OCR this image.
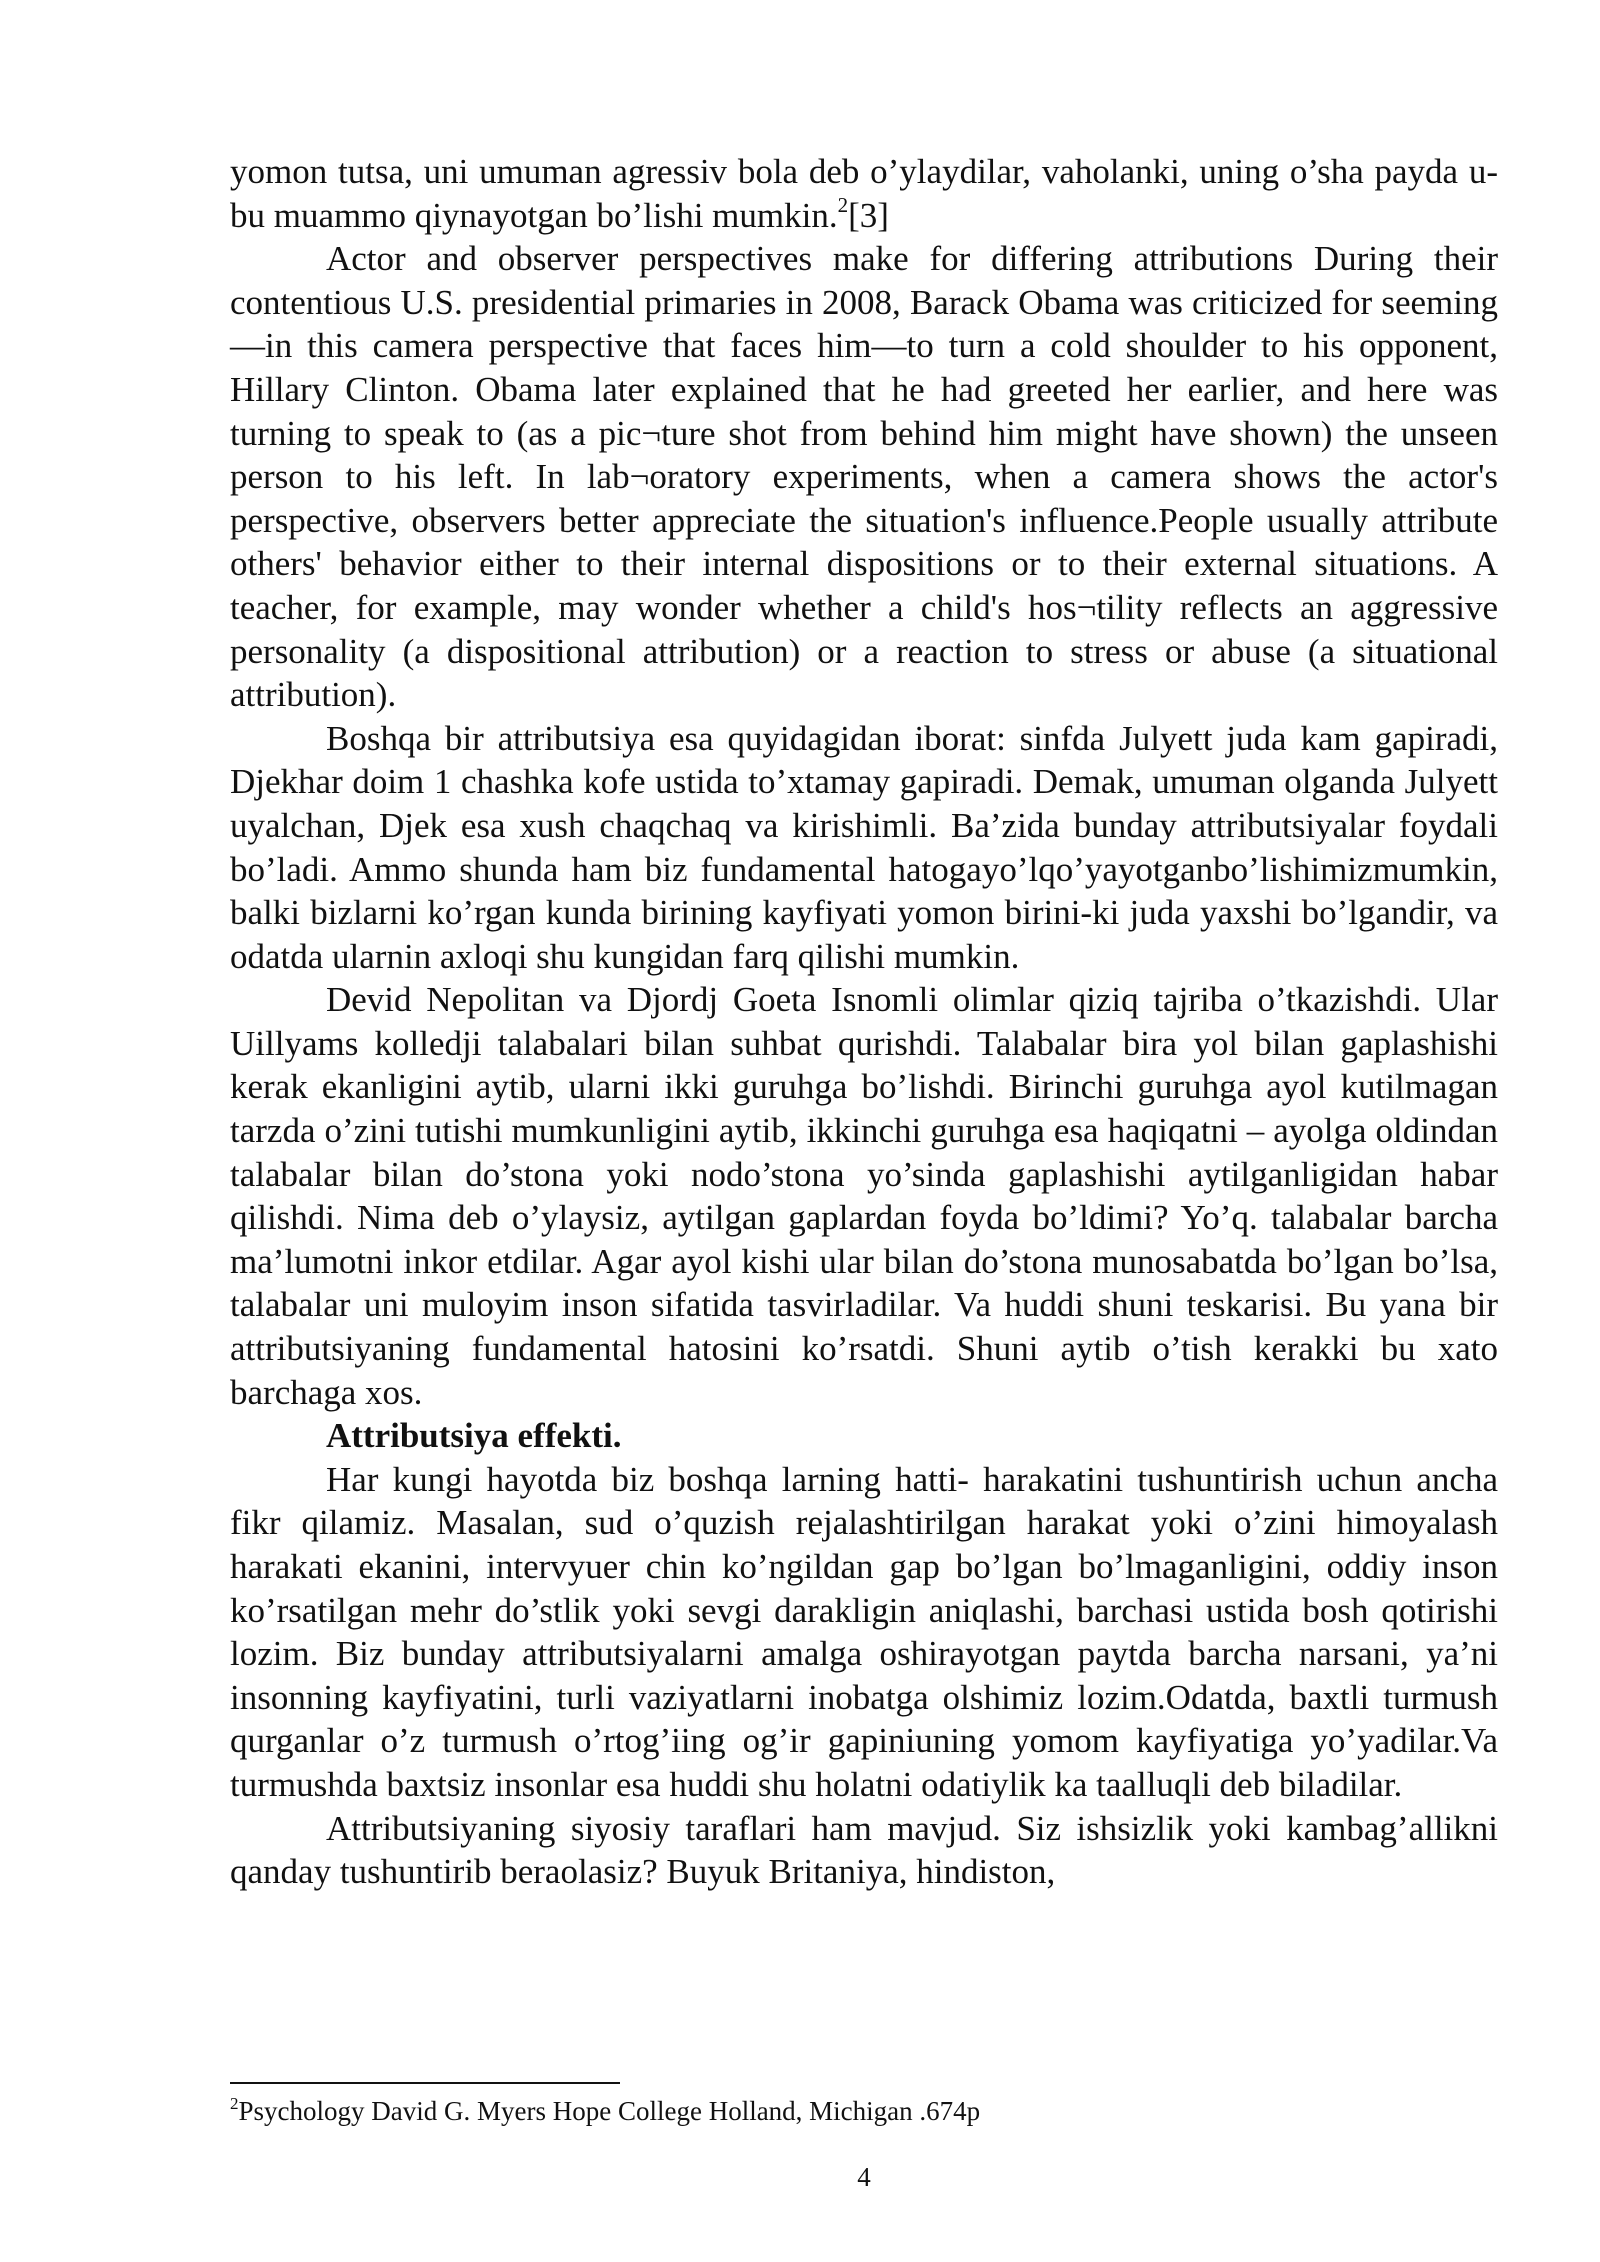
yomon tutsa, uni umuman agressiv bola deb o’ylaydilar, vaholanki, uning o’sha payda u-bu muammo qiynayotgan bo’lishi mumkin.$^2$[3]

Actor and observer perspectives make for differing attributions During their contentious U.S. presidential primaries in 2008, Barack Obama was criticized for seeming—in this camera perspective that faces him—to turn a cold shoulder to his opponent, Hillary Clinton. Obama later explained that he had greeted her earlier, and here was turning to speak to (as a pic¬ture shot from behind him might have shown) the unseen person to his left. In lab¬oratory experiments, when a camera shows the actor's perspective, observers better appreciate the situation's influence.People usually attribute others' behavior either to their internal dispositions or to their external situations. A teacher, for example, may wonder whether a child's hos¬tility reflects an aggressive personality (a dispositional attribution) or a reaction to stress or abuse (a situational attribution).

Boshqa bir attributsiya esa quyidagidan iborat: sinfda Julyett juda kam gapiradi, Djekhar doim 1 chashka kofe ustida to’xtamay gapiradi. Demak, umuman olganda Julyett uyalchan, Djek esa xush chaqchaq va kirishimli. Ba’zida bunday attributsiyalar foydali bo’ladi. Ammo shunda ham biz fundamental hatogayo’lqo’yayotganbo’lishimizmumkin, balki bizlarni ko’rgan kunda birining kayfiyati yomon birini-ki juda yaxshi bo’lgandir, va odatda ularnin axloqi shu kungidan farq qilishi mumkin.

Devid Nepolitan va Djordj Goeta Isnomli olimlar qiziq tajriba o’tkazishdi. Ular Uillyams kolledji talabalari bilan suhbat qurishdi. Talabalar bira yol bilan gaplashishi kerak ekanligini aytib, ularni ikki guruhga bo’lishdi. Birinchi guruhga ayol kutilmagan tarzda o’zini tutishi mumkunligini aytib, ikkinchi guruhga esa haqiqatni – ayolga oldindan talabalar bilan do’stona yoki nodo’stona yo’sinda gaplashishi aytilganligidan habar qilishdi. Nima deb o’ylaysiz, aytilgan gaplardan foyda bo’ldimi? Yo’q. talabalar barcha ma’lumotni inkor etdilar. Agar ayol kishi ular bilan do’stona munosabatda bo’lgan bo’lsa, talabalar uni muloyim inson sifatida tasvirladilar. Va huddi shuni teskarisi. Bu yana bir attributsiyaning fundamental hatosini ko’rsatdi. Shuni aytib o’tish kerakki bu xato barchaga xos.

Attributsiya effekti.

Har kungi hayotda biz boshqa larning hatti- harakatini tushuntirish uchun ancha fikr qilamiz. Masalan, sud o’quzish rejalashtirilgan harakat yoki o’zini himoyalash harakati ekanini, intervyuer chin ko’ngildan gap bo’lgan bo’lmaganligini, oddiy inson ko’rsatilgan mehr do’stlik yoki sevgi darakligin aniqlashi, barchasi ustida bosh qotirishi lozim. Biz bunday attributsiyalarni amalga oshirayotgan paytda barcha narsani, ya’ni insonning kayfiyatini, turli vaziyatlarni inobatga olshimiz lozim.Odatda, baxtli turmush qurganlar o’z turmush o’rtog’iing og’ir gapiniuning yomom kayfiyatiga yo’yadilar.Va turmushda baxtsiz insonlar esa huddi shu holatni odatiylik ka taalluqli deb biladilar.

Attributsiyaning siyosiy taraflari ham mavjud. Siz ishsizlik yoki kambag’allikni qanday tushuntirib beraolasiz? Buyuk Britaniya, hindiston,

$^2$Psychology David G. Myers Hope College Holland, Michigan .674p
4
